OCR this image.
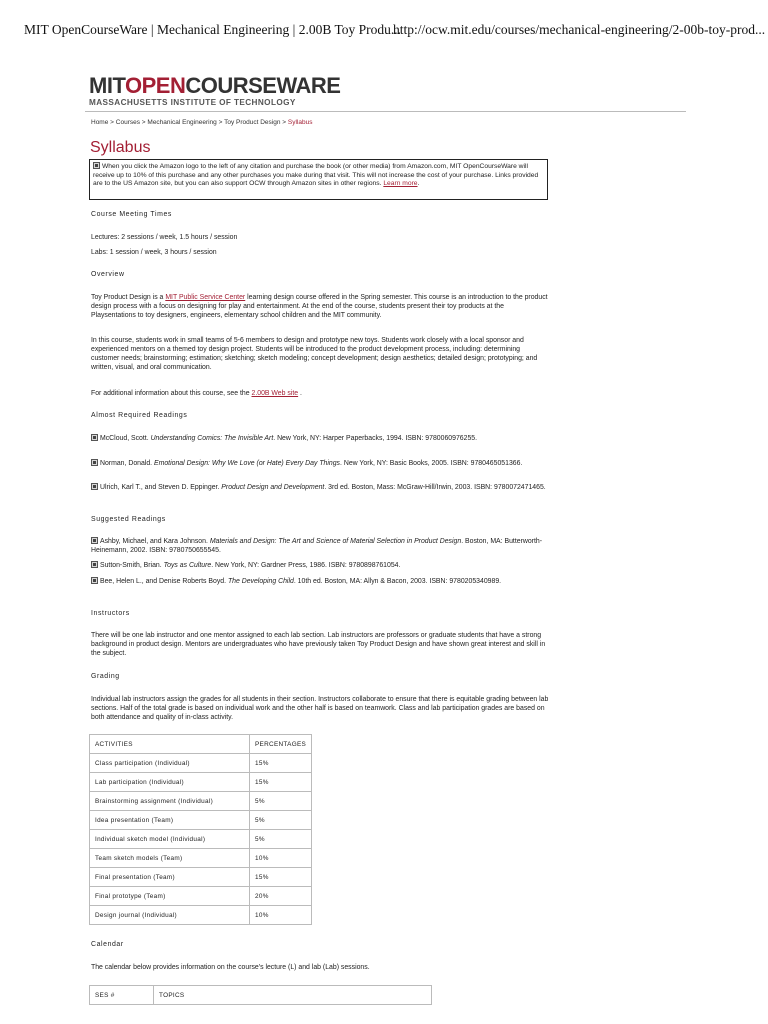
MIT OpenCourseWare | Mechanical Engineering | 2.00B Toy Produ...
http://ocw.mit.edu/courses/mechanical-engineering/2-00b-toy-prod...
MITOPENCOURSEWARE
MASSACHUSETTS INSTITUTE OF TECHNOLOGY
Home > Courses > Mechanical Engineering > Toy Product Design > Syllabus
Syllabus
When you click the Amazon logo to the left of any citation and purchase the book (or other media) from Amazon.com, MIT OpenCourseWare will receive up to 10% of this purchase and any other purchases you make during that visit. This will not increase the cost of your purchase. Links provided are to the US Amazon site, but you can also support OCW through Amazon sites in other regions. Learn more.

Course Meeting Times

Lectures: 2 sessions / week, 1.5 hours / session

Labs: 1 session / week, 3 hours / session

Overview

Toy Product Design is a MIT Public Service Center learning design course offered in the Spring semester. This course is an introduction to the product design process with a focus on designing for play and entertainment. At the end of the course, students present their toy products at the Playsentations to toy designers, engineers, elementary school children and the MIT community.

In this course, students work in small teams of 5-6 members to design and prototype new toys. Students work closely with a local sponsor and experienced mentors on a themed toy design project. Students will be introduced to the product development process, including: determining customer needs; brainstorming; estimation; sketching; sketch modeling; concept development; design aesthetics; detailed design; prototyping; and written, visual, and oral communication.

For additional information about this course, see the 2.00B Web site .

Almost Required Readings

McCloud, Scott. Understanding Comics: The Invisible Art. New York, NY: Harper Paperbacks, 1994. ISBN: 9780060976255.

Norman, Donald. Emotional Design: Why We Love (or Hate) Every Day Things. New York, NY: Basic Books, 2005. ISBN: 9780465051366.

Ulrich, Karl T., and Steven D. Eppinger. Product Design and Development. 3rd ed. Boston, Mass: McGraw-Hill/Irwin, 2003. ISBN: 9780072471465.

Suggested Readings

Ashby, Michael, and Kara Johnson. Materials and Design: The Art and Science of Material Selection in Product Design. Boston, MA: Butterworth-Heinemann, 2002. ISBN: 9780750655545.

Sutton-Smith, Brian. Toys as Culture. New York, NY: Gardner Press, 1986. ISBN: 9780898761054.

Bee, Helen L., and Denise Roberts Boyd. The Developing Child. 10th ed. Boston, MA: Allyn & Bacon, 2003. ISBN: 9780205340989.

Instructors

There will be one lab instructor and one mentor assigned to each lab section. Lab instructors are professors or graduate students that have a strong background in product design. Mentors are undergraduates who have previously taken Toy Product Design and have shown great interest and skill in the subject.

Grading

Individual lab instructors assign the grades for all students in their section. Instructors collaborate to ensure that there is equitable grading between lab sections. Half of the total grade is based on individual work and the other half is based on teamwork. Class and lab participation grades are based on both attendance and quality of in-class activity.

Calendar

The calendar below provides information on the course's lecture (L) and lab (Lab) sessions.

ACTIVITIES	PERCENTAGES
Class participation (Individual)	15%
Lab participation (Individual)	15%
Brainstorming assignment (Individual)	5%
Idea presentation (Team)	5%
Individual sketch model (Individual)	5%
Team sketch models (Team)	10%
Final presentation (Team)	15%
Final prototype (Team)	20%
Design journal (Individual)	10%
SES #	TOPICS
